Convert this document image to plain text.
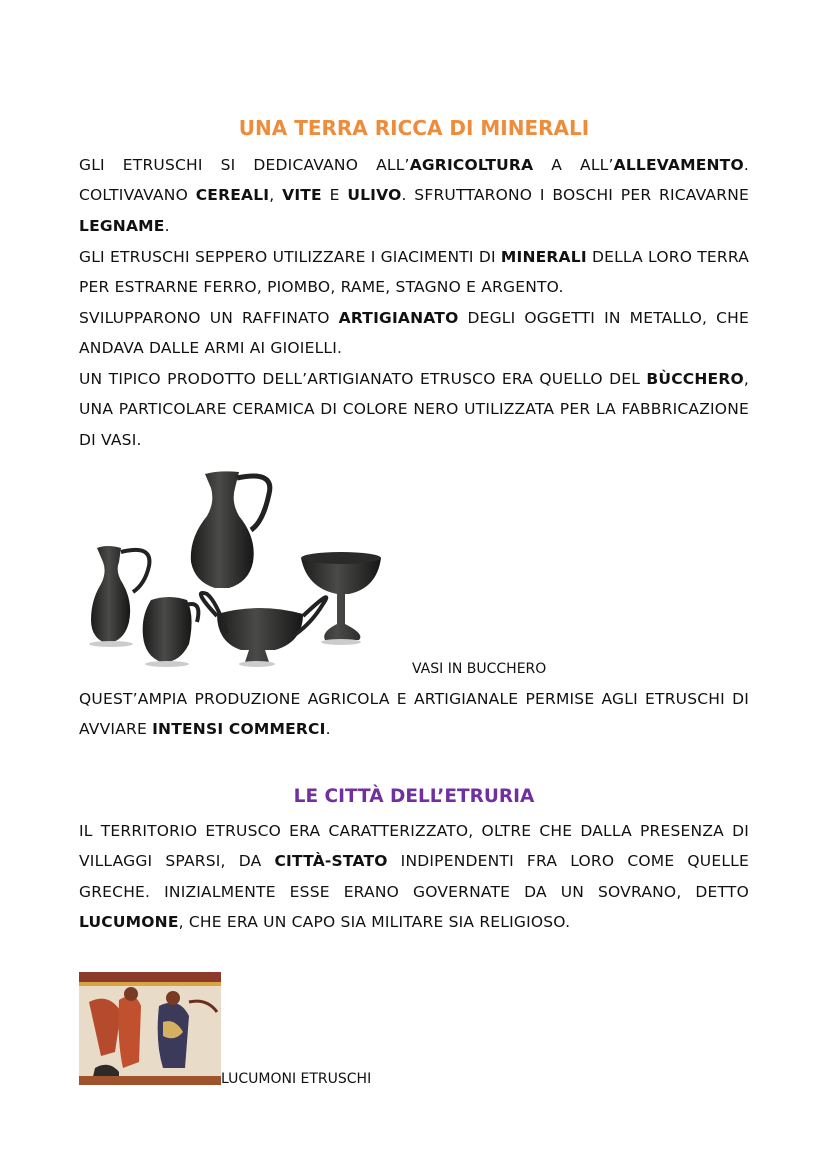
UNA TERRA RICCA DI MINERALI

GLI ETRUSCHI SI DEDICAVANO ALL’AGRICOLTURA A ALL’ALLEVAMENTO. COLTIVAVANO CEREALI, VITE E ULIVO. SFRUTTARONO I BOSCHI PER RICAVARNE LEGNAME.

GLI ETRUSCHI SEPPERO UTILIZZARE I GIACIMENTI DI MINERALI DELLA LORO TERRA PER ESTRARNE FERRO, PIOMBO, RAME, STAGNO E ARGENTO.

SVILUPPARONO UN RAFFINATO ARTIGIANATO DEGLI OGGETTI IN METALLO, CHE ANDAVA DALLE ARMI AI GIOIELLI.

UN TIPICO PRODOTTO DELL’ARTIGIANATO ETRUSCO ERA QUELLO DEL BÙCCHERO, UNA PARTICOLARE CERAMICA DI COLORE NERO UTILIZZATA PER LA FABBRICAZIONE DI VASI.

VASI IN BUCCHERO

QUEST’AMPIA PRODUZIONE AGRICOLA E ARTIGIANALE PERMISE AGLI ETRUSCHI DI AVVIARE INTENSI COMMERCI.

LE CITTÀ DELL’ETRURIA

IL TERRITORIO ETRUSCO ERA CARATTERIZZATO, OLTRE CHE DALLA PRESENZA DI VILLAGGI SPARSI, DA CITTÀ-STATO INDIPENDENTI FRA LORO COME QUELLE GRECHE. INIZIALMENTE ESSE ERANO GOVERNATE DA UN SOVRANO, DETTO LUCUMONE, CHE ERA UN CAPO SIA MILITARE SIA RELIGIOSO.

LUCUMONI ETRUSCHI
